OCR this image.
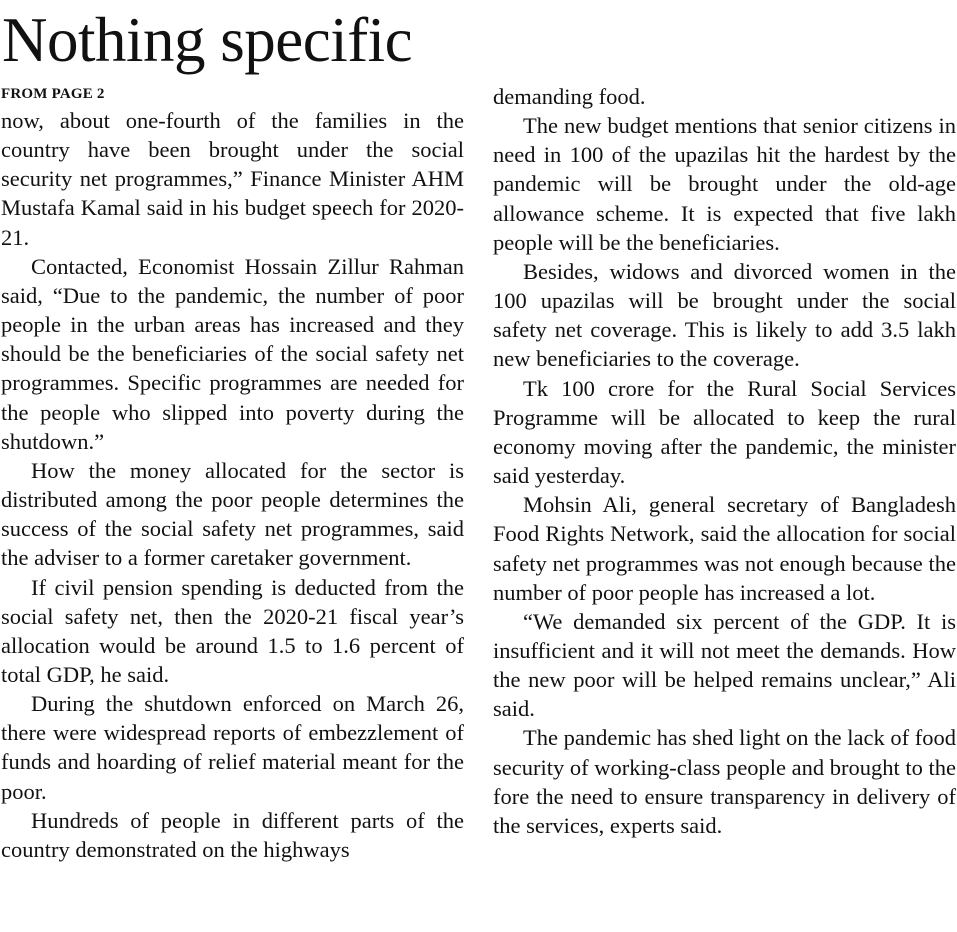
Nothing specific
FROM PAGE 2

now, about one-fourth of the families in the country have been brought under the social security net programmes,” Finance Minister AHM Mustafa Kamal said in his budget speech for 2020-21.

Contacted, Economist Hossain Zillur Rahman said, “Due to the pandemic, the number of poor people in the urban areas has increased and they should be the beneficiaries of the social safety net programmes. Specific programmes are needed for the people who slipped into poverty during the shutdown.”

How the money allocated for the sector is distributed among the poor people determines the success of the social safety net programmes, said the adviser to a former caretaker government.

If civil pension spending is deducted from the social safety net, then the 2020-21 fiscal year’s allocation would be around 1.5 to 1.6 percent of total GDP, he said.

During the shutdown enforced on March 26, there were widespread reports of embezzlement of funds and hoarding of relief material meant for the poor.

Hundreds of people in different parts of the country demonstrated on the highways

demanding food.

The new budget mentions that senior citizens in need in 100 of the upazilas hit the hardest by the pandemic will be brought under the old-age allowance scheme. It is expected that five lakh people will be the beneficiaries.

Besides, widows and divorced women in the 100 upazilas will be brought under the social safety net coverage. This is likely to add 3.5 lakh new beneficiaries to the coverage.

Tk 100 crore for the Rural Social Services Programme will be allocated to keep the rural economy moving after the pandemic, the minister said yesterday.

Mohsin Ali, general secretary of Bangladesh Food Rights Network, said the allocation for social safety net programmes was not enough because the number of poor people has increased a lot.

“We demanded six percent of the GDP. It is insufficient and it will not meet the demands. How the new poor will be helped remains unclear,” Ali said.

The pandemic has shed light on the lack of food security of working-class people and brought to the fore the need to ensure transparency in delivery of the services, experts said.
